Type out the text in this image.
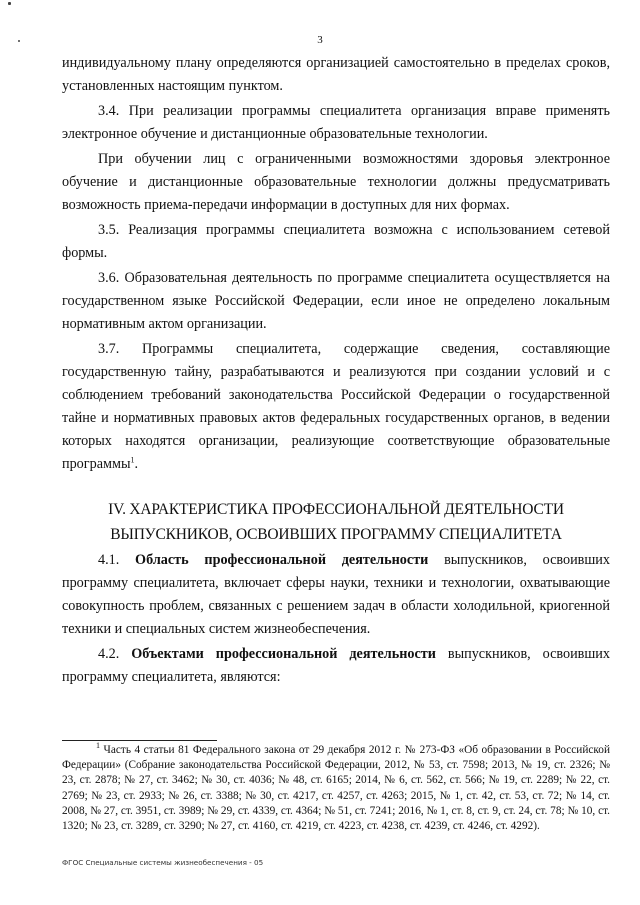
3

индивидуальному плану определяются организацией самостоятельно в пределах сроков, установленных настоящим пунктом.

3.4. При реализации программы специалитета организация вправе применять электронное обучение и дистанционные образовательные технологии.

При обучении лиц с ограниченными возможностями здоровья электронное обучение и дистанционные образовательные технологии должны предусматривать возможность приема-передачи информации в доступных для них формах.

3.5. Реализация программы специалитета возможна с использованием сетевой формы.

3.6. Образовательная деятельность по программе специалитета осуществляется на государственном языке Российской Федерации, если иное не определено локальным нормативным актом организации.

3.7. Программы специалитета, содержащие сведения, составляющие государственную тайну, разрабатываются и реализуются при создании условий и с соблюдением требований законодательства Российской Федерации о государственной тайне и нормативных правовых актов федеральных государственных органов, в ведении которых находятся организации, реализующие соответствующие образовательные программы$^1$.

IV. ХАРАКТЕРИСТИКА ПРОФЕССИОНАЛЬНОЙ ДЕЯТЕЛЬНОСТИ
ВЫПУСКНИКОВ, ОСВОИВШИХ ПРОГРАММУ СПЕЦИАЛИТЕТА

4.1. Область профессиональной деятельности выпускников, освоивших программу специалитета, включает сферы науки, техники и технологии, охватывающие совокупность проблем, связанных с решением задач в области холодильной, криогенной техники и специальных систем жизнеобеспечения.

4.2. Объектами профессиональной деятельности выпускников, освоивших программу специалитета, являются:

$^1$ Часть 4 статьи 81 Федерального закона от 29 декабря 2012 г. № 273-ФЗ «Об образовании в Российской Федерации» (Собрание законодательства Российской Федерации, 2012, № 53, ст. 7598; 2013, № 19, ст. 2326; № 23, ст. 2878; № 27, ст. 3462; № 30, ст. 4036; № 48, ст. 6165; 2014, № 6, ст. 562, ст. 566; № 19, ст. 2289; № 22, ст. 2769; № 23, ст. 2933; № 26, ст. 3388; № 30, ст. 4217, ст. 4257, ст. 4263; 2015, № 1, ст. 42, ст. 53, ст. 72; № 14, ст. 2008, № 27, ст. 3951, ст. 3989; № 29, ст. 4339, ст. 4364; № 51, ст. 7241; 2016, № 1, ст. 8, ст. 9, ст. 24, ст. 78; № 10, ст. 1320; № 23, ст. 3289, ст. 3290; № 27, ст. 4160, ст. 4219, ст. 4223, ст. 4238, ст. 4239, ст. 4246, ст. 4292).
ФГОС Специальные системы жизнеобеспечения - 05
